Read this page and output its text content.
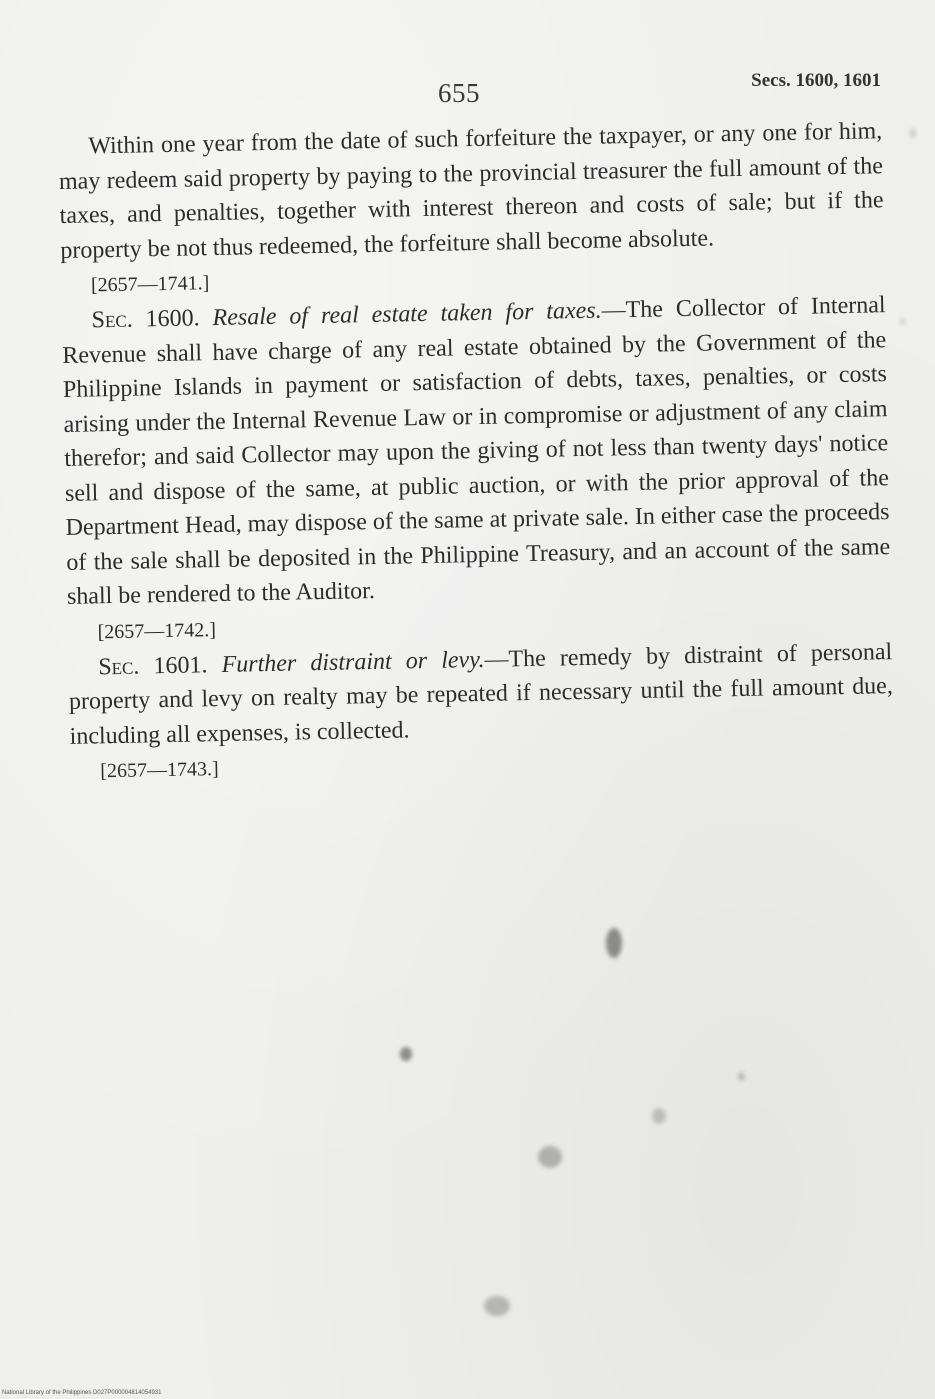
655	Secs. 1600, 1601

Within one year from the date of such forfeiture the taxpayer, or any one for him, may redeem said property by paying to the provincial treasurer the full amount of the taxes, and penalties, together with interest thereon and costs of sale; but if the property be not thus redeemed, the forfeiture shall become absolute.

[2657—1741.]

Sec. 1600. Resale of real estate taken for taxes.—The Collector of Internal Revenue shall have charge of any real estate obtained by the Government of the Philippine Islands in payment or satisfaction of debts, taxes, penalties, or costs arising under the Internal Revenue Law or in compromise or adjustment of any claim therefor; and said Collector may upon the giving of not less than twenty days' notice sell and dispose of the same, at public auction, or with the prior approval of the Department Head, may dispose of the same at private sale. In either case the proceeds of the sale shall be deposited in the Philippine Treasury, and an account of the same shall be rendered to the Auditor.

[2657—1742.]

Sec. 1601. Further distraint or levy.—The remedy by distraint of personal property and levy on realty may be repeated if necessary until the full amount due, including all expenses, is collected.

[2657—1743.]

National Library of the Philippines D027P000004814054931
